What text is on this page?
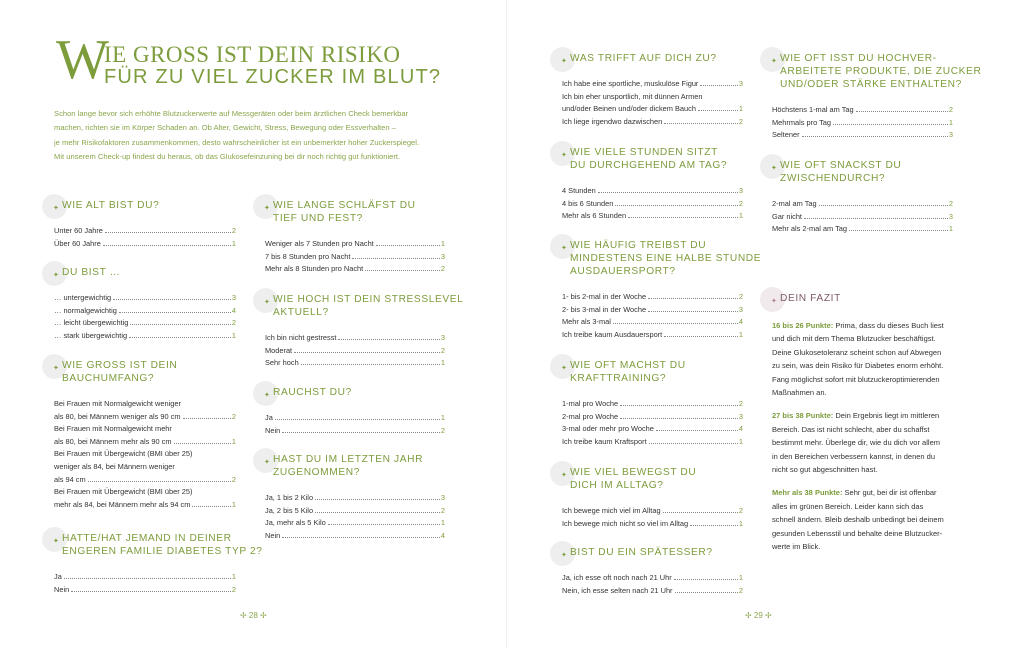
W
IE GROSS IST DEIN RISIKO
FÜR ZU VIEL ZUCKER IM BLUT?
Schon lange bevor sich erhöhte Blutzuckerwerte auf Messgeräten oder beim ärztlichen Check bemerkbar
machen, richten sie im Körper Schaden an. Ob Alter, Gewicht, Stress, Bewegung oder Essverhalten –
je mehr Risikofaktoren zusammenkommen, desto wahrscheinlicher ist ein unbemerkter hoher Zuckerspiegel.
Mit unserem Check-up findest du heraus, ob das Glukosefeinzuning bei dir noch richtig gut funktioniert.
✦ WIE ALT BIST DU?
Unter 60 Jahre	2
Über 60 Jahre	1
✦ DU BIST …
… untergewichtig	3
… normalgewichtig	4
… leicht übergewichtig	2
… stark übergewichtig	1
✦ WIE GROSS IST DEIN
BAUCHUMFANG?
Bei Frauen mit Normalgewicht weniger
als 80, bei Männern weniger als 90 cm	2
Bei Frauen mit Normalgewicht mehr
als 80, bei Männern mehr als 90 cm	1
Bei Frauen mit Übergewicht (BMI über 25)
weniger als 84, bei Männern weniger
als 94 cm	2
Bei Frauen mit Übergewicht (BMI über 25)
mehr als 84, bei Männern mehr als 94 cm	1
✦ HATTE/HAT JEMAND IN DEINER
ENGEREN FAMILIE DIABETES TYP 2?
Ja	1
Nein	2
✦ WIE LANGE SCHLÄFST DU
TIEF UND FEST?
Weniger als 7 Stunden pro Nacht	1
7 bis 8 Stunden pro Nacht	3
Mehr als 8 Stunden pro Nacht	2
✦ WIE HOCH IST DEIN STRESSLEVEL
AKTUELL?
Ich bin nicht gestresst	3
Moderat	2
Sehr hoch	1
✦ RAUCHST DU?
Ja	1
Nein	2
✦ HAST DU IM LETZTEN JAHR
ZUGENOMMEN?
Ja, 1 bis 2 Kilo	3
Ja, 2 bis 5 Kilo	2
Ja, mehr als 5 Kilo	1
Nein	4
✢ 28 ✢
✦ WAS TRIFFT AUF DICH ZU?
Ich habe eine sportliche, muskulöse Figur	3
Ich bin eher unsportlich, mit dünnen Armen
und/oder Beinen und/oder dickem Bauch	1
Ich liege irgendwo dazwischen	2
✦ WIE VIELE STUNDEN SITZT
DU DURCHGEHEND AM TAG?
4 Stunden	3
4 bis 6 Stunden	2
Mehr als 6 Stunden	1
✦ WIE HÄUFIG TREIBST DU
MINDESTENS EINE HALBE STUNDE
AUSDAUERSPORT?
1- bis 2-mal in der Woche	2
2- bis 3-mal in der Woche	3
Mehr als 3-mal	4
Ich treibe kaum Ausdauersport	1
✦ WIE OFT MACHST DU
KRAFTTRAINING?
1-mal pro Woche	2
2-mal pro Woche	3
3-mal oder mehr pro Woche	4
Ich treibe kaum Kraftsport	1
✦ WIE VIEL BEWEGST DU
DICH IM ALLTAG?
Ich bewege mich viel im Alltag	2
Ich bewege mich nicht so viel im Alltag	1
✦ BIST DU EIN SPÄTESSER?
Ja, ich esse oft noch nach 21 Uhr	1
Nein, ich esse selten nach 21 Uhr	2
✦ WIE OFT ISST DU HOCHVER-
ARBEITETE PRODUKTE, DIE ZUCKER
UND/ODER STÄRKE ENTHALTEN?
Höchstens 1-mal am Tag	2
Mehrmals pro Tag	1
Seltener	3
✦ WIE OFT SNACKST DU
ZWISCHENDURCH?
2-mal am Tag	2
Gar nicht	3
Mehr als 2-mal am Tag	1
✦ DEIN FAZIT

16 bis 26 Punkte: Prima, dass du dieses Buch liest
und dich mit dem Thema Blutzucker beschäftigst.
Deine Glukosetoleranz scheint schon auf Abwegen
zu sein, was dein Risiko für Diabetes enorm erhöht.
Fang möglichst sofort mit blutzuckeroptimierenden
Maßnahmen an.

27 bis 38 Punkte: Dein Ergebnis liegt im mittleren
Bereich. Das ist nicht schlecht, aber du schaffst
bestimmt mehr. Überlege dir, wie du dich vor allem
in den Bereichen verbessern kannst, in denen du
nicht so gut abgeschnitten hast.

Mehr als 38 Punkte: Sehr gut, bei dir ist offenbar
alles im grünen Bereich. Leider kann sich das
schnell ändern. Bleib deshalb unbedingt bei deinem
gesunden Lebensstil und behalte deine Blutzucker-
werte im Blick.

✢ 29 ✢
